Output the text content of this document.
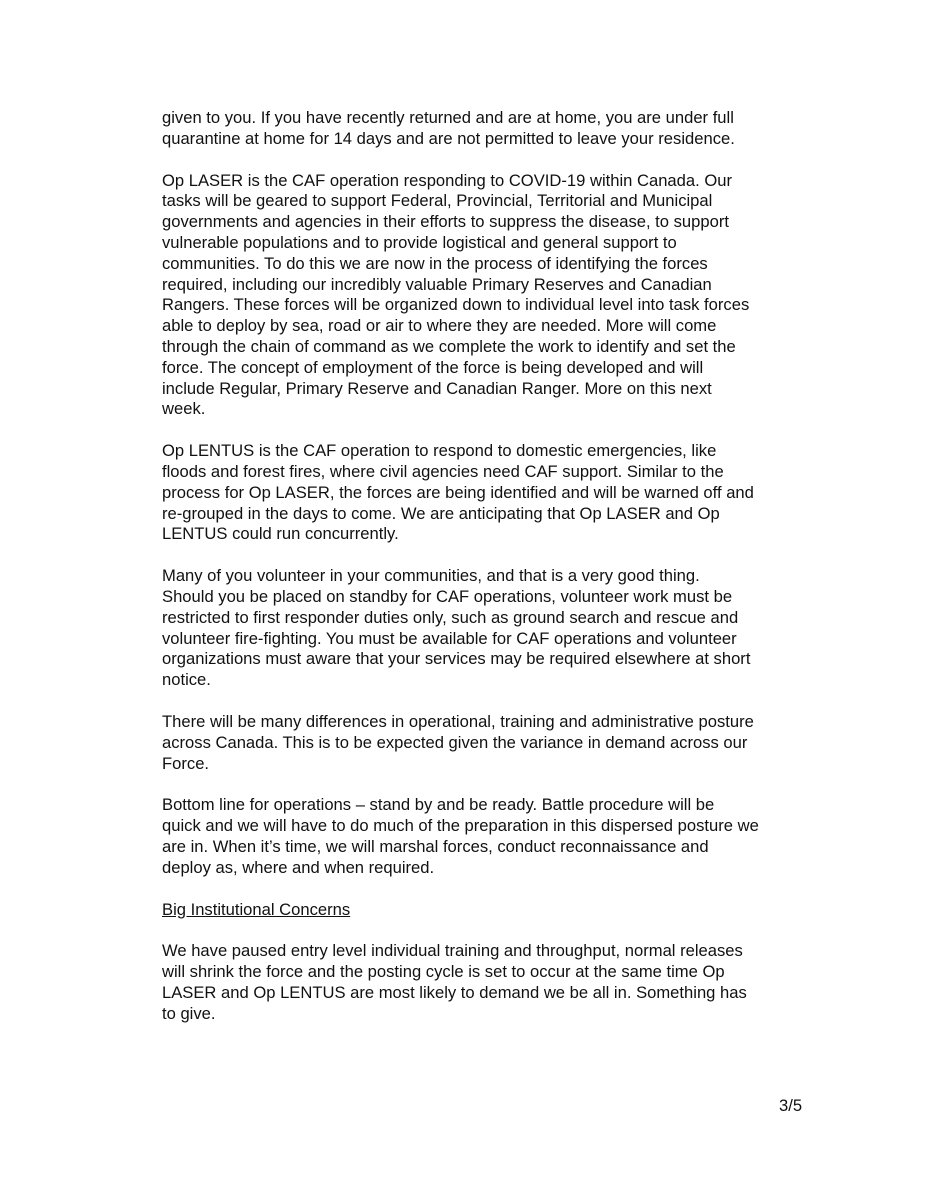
given to you. If you have recently returned and are at home, you are under full
quarantine at home for 14 days and are not permitted to leave your residence.

Op LASER is the CAF operation responding to COVID-19 within Canada. Our
tasks will be geared to support Federal, Provincial, Territorial and Municipal
governments and agencies in their efforts to suppress the disease, to support
vulnerable populations and to provide logistical and general support to
communities. To do this we are now in the process of identifying the forces
required, including our incredibly valuable Primary Reserves and Canadian
Rangers. These forces will be organized down to individual level into task forces
able to deploy by sea, road or air to where they are needed. More will come
through the chain of command as we complete the work to identify and set the
force. The concept of employment of the force is being developed and will
include Regular, Primary Reserve and Canadian Ranger. More on this next
week.

Op LENTUS is the CAF operation to respond to domestic emergencies, like
floods and forest fires, where civil agencies need CAF support. Similar to the
process for Op LASER, the forces are being identified and will be warned off and
re-grouped in the days to come. We are anticipating that Op LASER and Op
LENTUS could run concurrently.

Many of you volunteer in your communities, and that is a very good thing.
Should you be placed on standby for CAF operations, volunteer work must be
restricted to first responder duties only, such as ground search and rescue and
volunteer fire-fighting. You must be available for CAF operations and volunteer
organizations must aware that your services may be required elsewhere at short
notice.

There will be many differences in operational, training and administrative posture
across Canada. This is to be expected given the variance in demand across our
Force.

Bottom line for operations – stand by and be ready. Battle procedure will be
quick and we will have to do much of the preparation in this dispersed posture we
are in. When it’s time, we will marshal forces, conduct reconnaissance and
deploy as, where and when required.

Big Institutional Concerns

We have paused entry level individual training and throughput, normal releases
will shrink the force and the posting cycle is set to occur at the same time Op
LASER and Op LENTUS are most likely to demand we be all in. Something has
to give.

3/5
